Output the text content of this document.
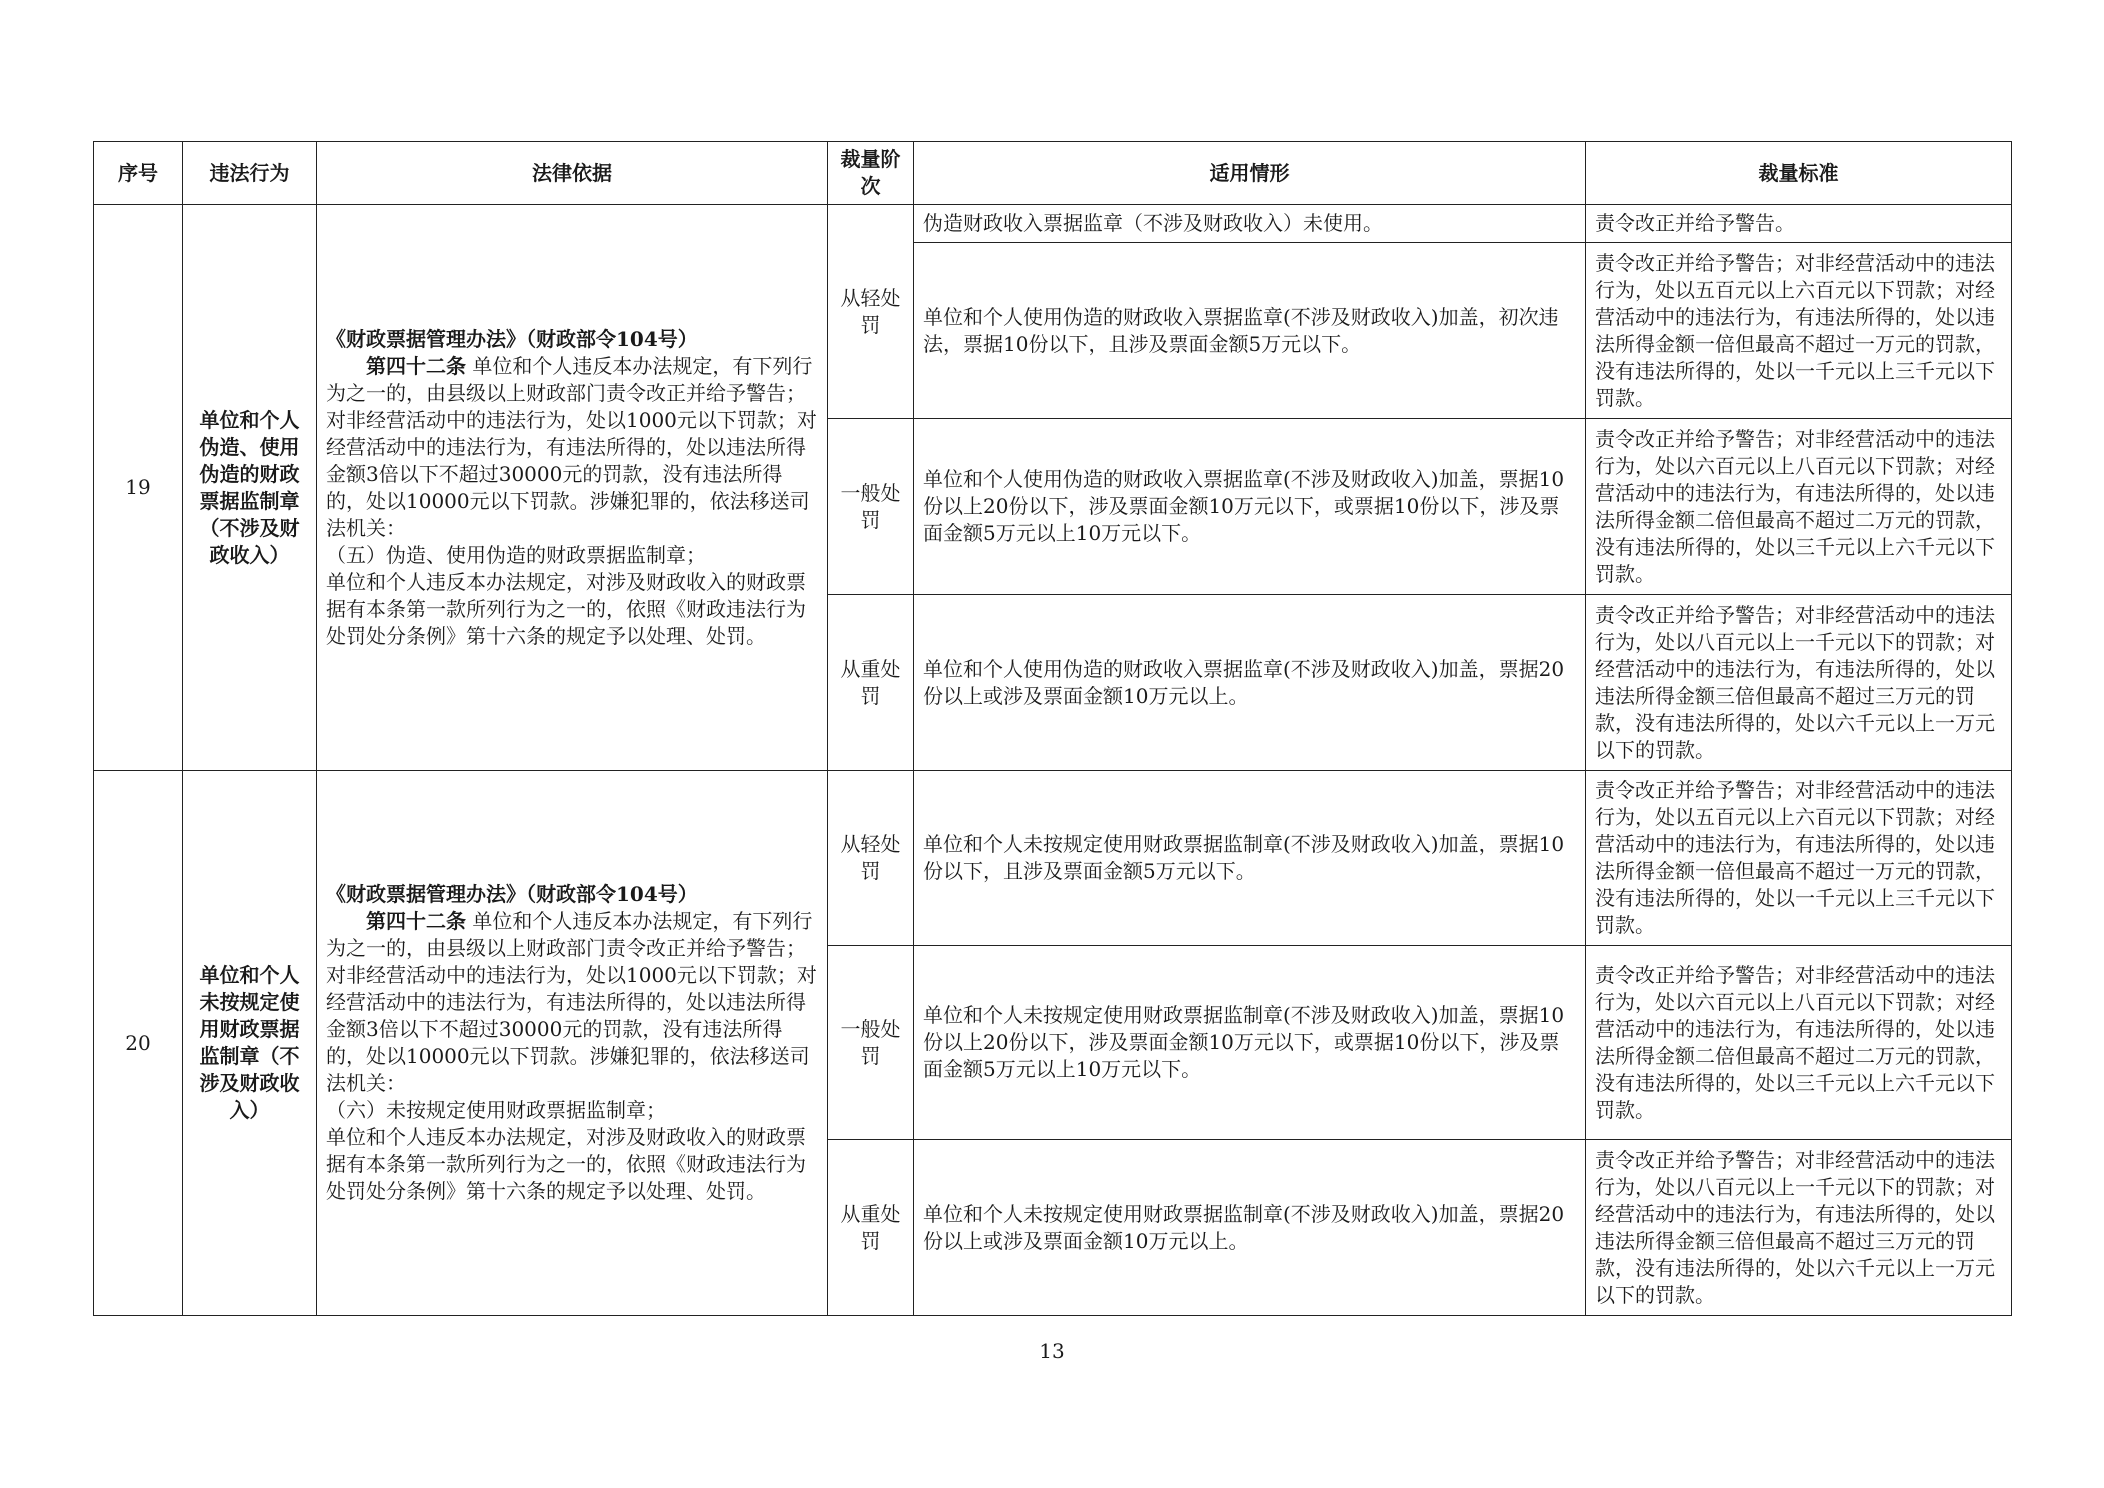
序号	违法行为	法律依据	裁量阶次	适用情形	裁量标准
19	单位和个人伪造、使用伪造的财政票据监制章（不涉及财政收入）	《财政票据管理办法》（财政部令104号）
第四十二条 单位和个人违反本办法规定，有下列行为之一的，由县级以上财政部门责令改正并给予警告；对非经营活动中的违法行为，处以1000元以下罚款；对经营活动中的违法行为，有违法所得的，处以违法所得金额3倍以下不超过30000元的罚款，没有违法所得的，处以10000元以下罚款。涉嫌犯罪的，依法移送司法机关：
（五）伪造、使用伪造的财政票据监制章；
单位和个人违反本办法规定，对涉及财政收入的财政票据有本条第一款所列行为之一的，依照《财政违法行为处罚处分条例》第十六条的规定予以处理、处罚。	从轻处罚	伪造财政收入票据监章（不涉及财政收入）未使用。	责令改正并给予警告。
				单位和个人使用伪造的财政收入票据监章(不涉及财政收入)加盖，初次违法，票据10份以下，且涉及票面金额5万元以下。	责令改正并给予警告；对非经营活动中的违法行为，处以五百元以上六百元以下罚款；对经营活动中的违法行为，有违法所得的，处以违法所得金额一倍但最高不超过一万元的罚款，没有违法所得的，处以一千元以上三千元以下罚款。
			一般处罚	单位和个人使用伪造的财政收入票据监章(不涉及财政收入)加盖，票据10份以上20份以下，涉及票面金额10万元以下，或票据10份以下，涉及票面金额5万元以上10万元以下。	责令改正并给予警告；对非经营活动中的违法行为，处以六百元以上八百元以下罚款；对经营活动中的违法行为，有违法所得的，处以违法所得金额二倍但最高不超过二万元的罚款，没有违法所得的，处以三千元以上六千元以下罚款。
			从重处罚	单位和个人使用伪造的财政收入票据监章(不涉及财政收入)加盖，票据20份以上或涉及票面金额10万元以上。	责令改正并给予警告；对非经营活动中的违法行为，处以八百元以上一千元以下的罚款；对经营活动中的违法行为，有违法所得的，处以违法所得金额三倍但最高不超过三万元的罚款，没有违法所得的，处以六千元以上一万元以下的罚款。
20	单位和个人未按规定使用财政票据监制章（不涉及财政收入）	《财政票据管理办法》（财政部令104号）
第四十二条 单位和个人违反本办法规定，有下列行为之一的，由县级以上财政部门责令改正并给予警告；对非经营活动中的违法行为，处以1000元以下罚款；对经营活动中的违法行为，有违法所得的，处以违法所得金额3倍以下不超过30000元的罚款，没有违法所得的，处以10000元以下罚款。涉嫌犯罪的，依法移送司法机关：
（六）未按规定使用财政票据监制章；
单位和个人违反本办法规定，对涉及财政收入的财政票据有本条第一款所列行为之一的，依照《财政违法行为处罚处分条例》第十六条的规定予以处理、处罚。	从轻处罚	单位和个人未按规定使用财政票据监制章(不涉及财政收入)加盖，票据10份以下，且涉及票面金额5万元以下。	责令改正并给予警告；对非经营活动中的违法行为，处以五百元以上六百元以下罚款；对经营活动中的违法行为，有违法所得的，处以违法所得金额一倍但最高不超过一万元的罚款，没有违法所得的，处以一千元以上三千元以下罚款。
			一般处罚	单位和个人未按规定使用财政票据监制章(不涉及财政收入)加盖，票据10份以上20份以下，涉及票面金额10万元以下，或票据10份以下，涉及票面金额5万元以上10万元以下。	责令改正并给予警告；对非经营活动中的违法行为，处以六百元以上八百元以下罚款；对经营活动中的违法行为，有违法所得的，处以违法所得金额二倍但最高不超过二万元的罚款，没有违法所得的，处以三千元以上六千元以下罚款。
			从重处罚	单位和个人未按规定使用财政票据监制章(不涉及财政收入)加盖，票据20份以上或涉及票面金额10万元以上。	责令改正并给予警告；对非经营活动中的违法行为，处以八百元以上一千元以下的罚款；对经营活动中的违法行为，有违法所得的，处以违法所得金额三倍但最高不超过三万元的罚款，没有违法所得的，处以六千元以上一万元以下的罚款。
13
